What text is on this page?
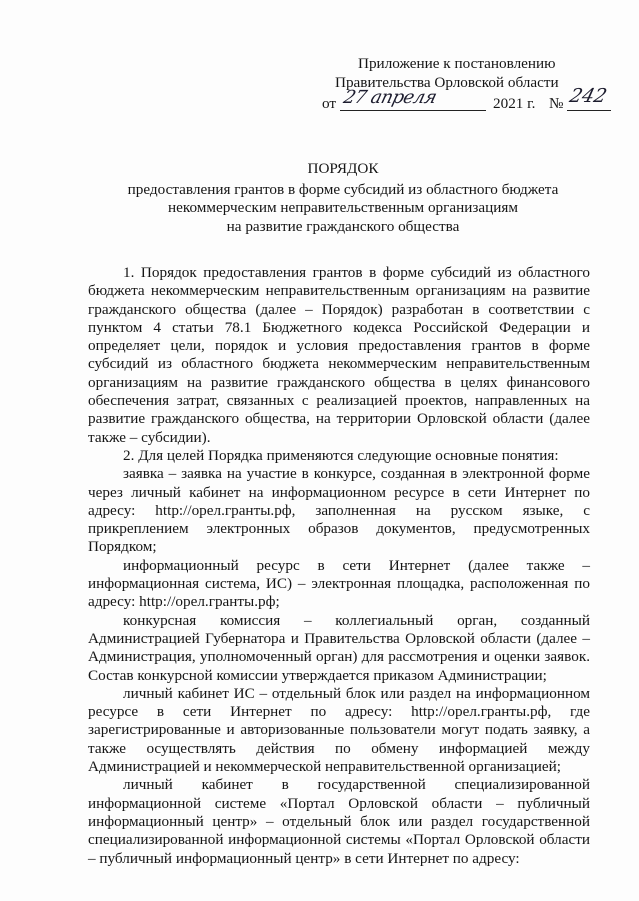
Приложение к постановлению
Правительства Орловской области
от 27 апреля	2021 г. № 242
ПОРЯДОК
предоставления грантов в форме субсидий из областного бюджета
некоммерческим неправительственным организациям
на развитие гражданского общества

1. Порядок предоставления грантов в форме субсидий из областного бюджета некоммерческим неправительственным организациям на развитие гражданского общества (далее – Порядок) разработан в соответствии с пунктом 4 статьи 78.1 Бюджетного кодекса Российской Федерации и определяет цели, порядок и условия предоставления грантов в форме субсидий из областного бюджета некоммерческим неправительственным организациям на развитие гражданского общества в целях финансового обеспечения затрат, связанных с реализацией проектов, направленных на развитие гражданского общества, на территории Орловской области (далее также – субсидии).

2. Для целей Порядка применяются следующие основные понятия:

заявка – заявка на участие в конкурсе, созданная в электронной форме через личный кабинет на информационном ресурсе в сети Интернет по адресу: http://орел.гранты.рф, заполненная на русском языке, с прикреплением электронных образов документов, предусмотренных Порядком;

информационный ресурс в сети Интернет (далее также – информационная система, ИС) – электронная площадка, расположенная по адресу: http://орел.гранты.рф;

конкурсная комиссия – коллегиальный орган, созданный Администрацией Губернатора и Правительства Орловской области (далее – Администрация, уполномоченный орган) для рассмотрения и оценки заявок. Состав конкурсной комиссии утверждается приказом Администрации;

личный кабинет ИС – отдельный блок или раздел на информационном ресурсе в сети Интернет по адресу: http://орел.гранты.рф, где зарегистрированные и авторизованные пользователи могут подать заявку, а также осуществлять действия по обмену информацией между Администрацией и некоммерческой неправительственной организацией;

личный кабинет в государственной специализированной информационной системе «Портал Орловской области – публичный информационный центр» – отдельный блок или раздел государственной специализированной информационной системы «Портал Орловской области – публичный информационный центр» в сети Интернет по адресу:
